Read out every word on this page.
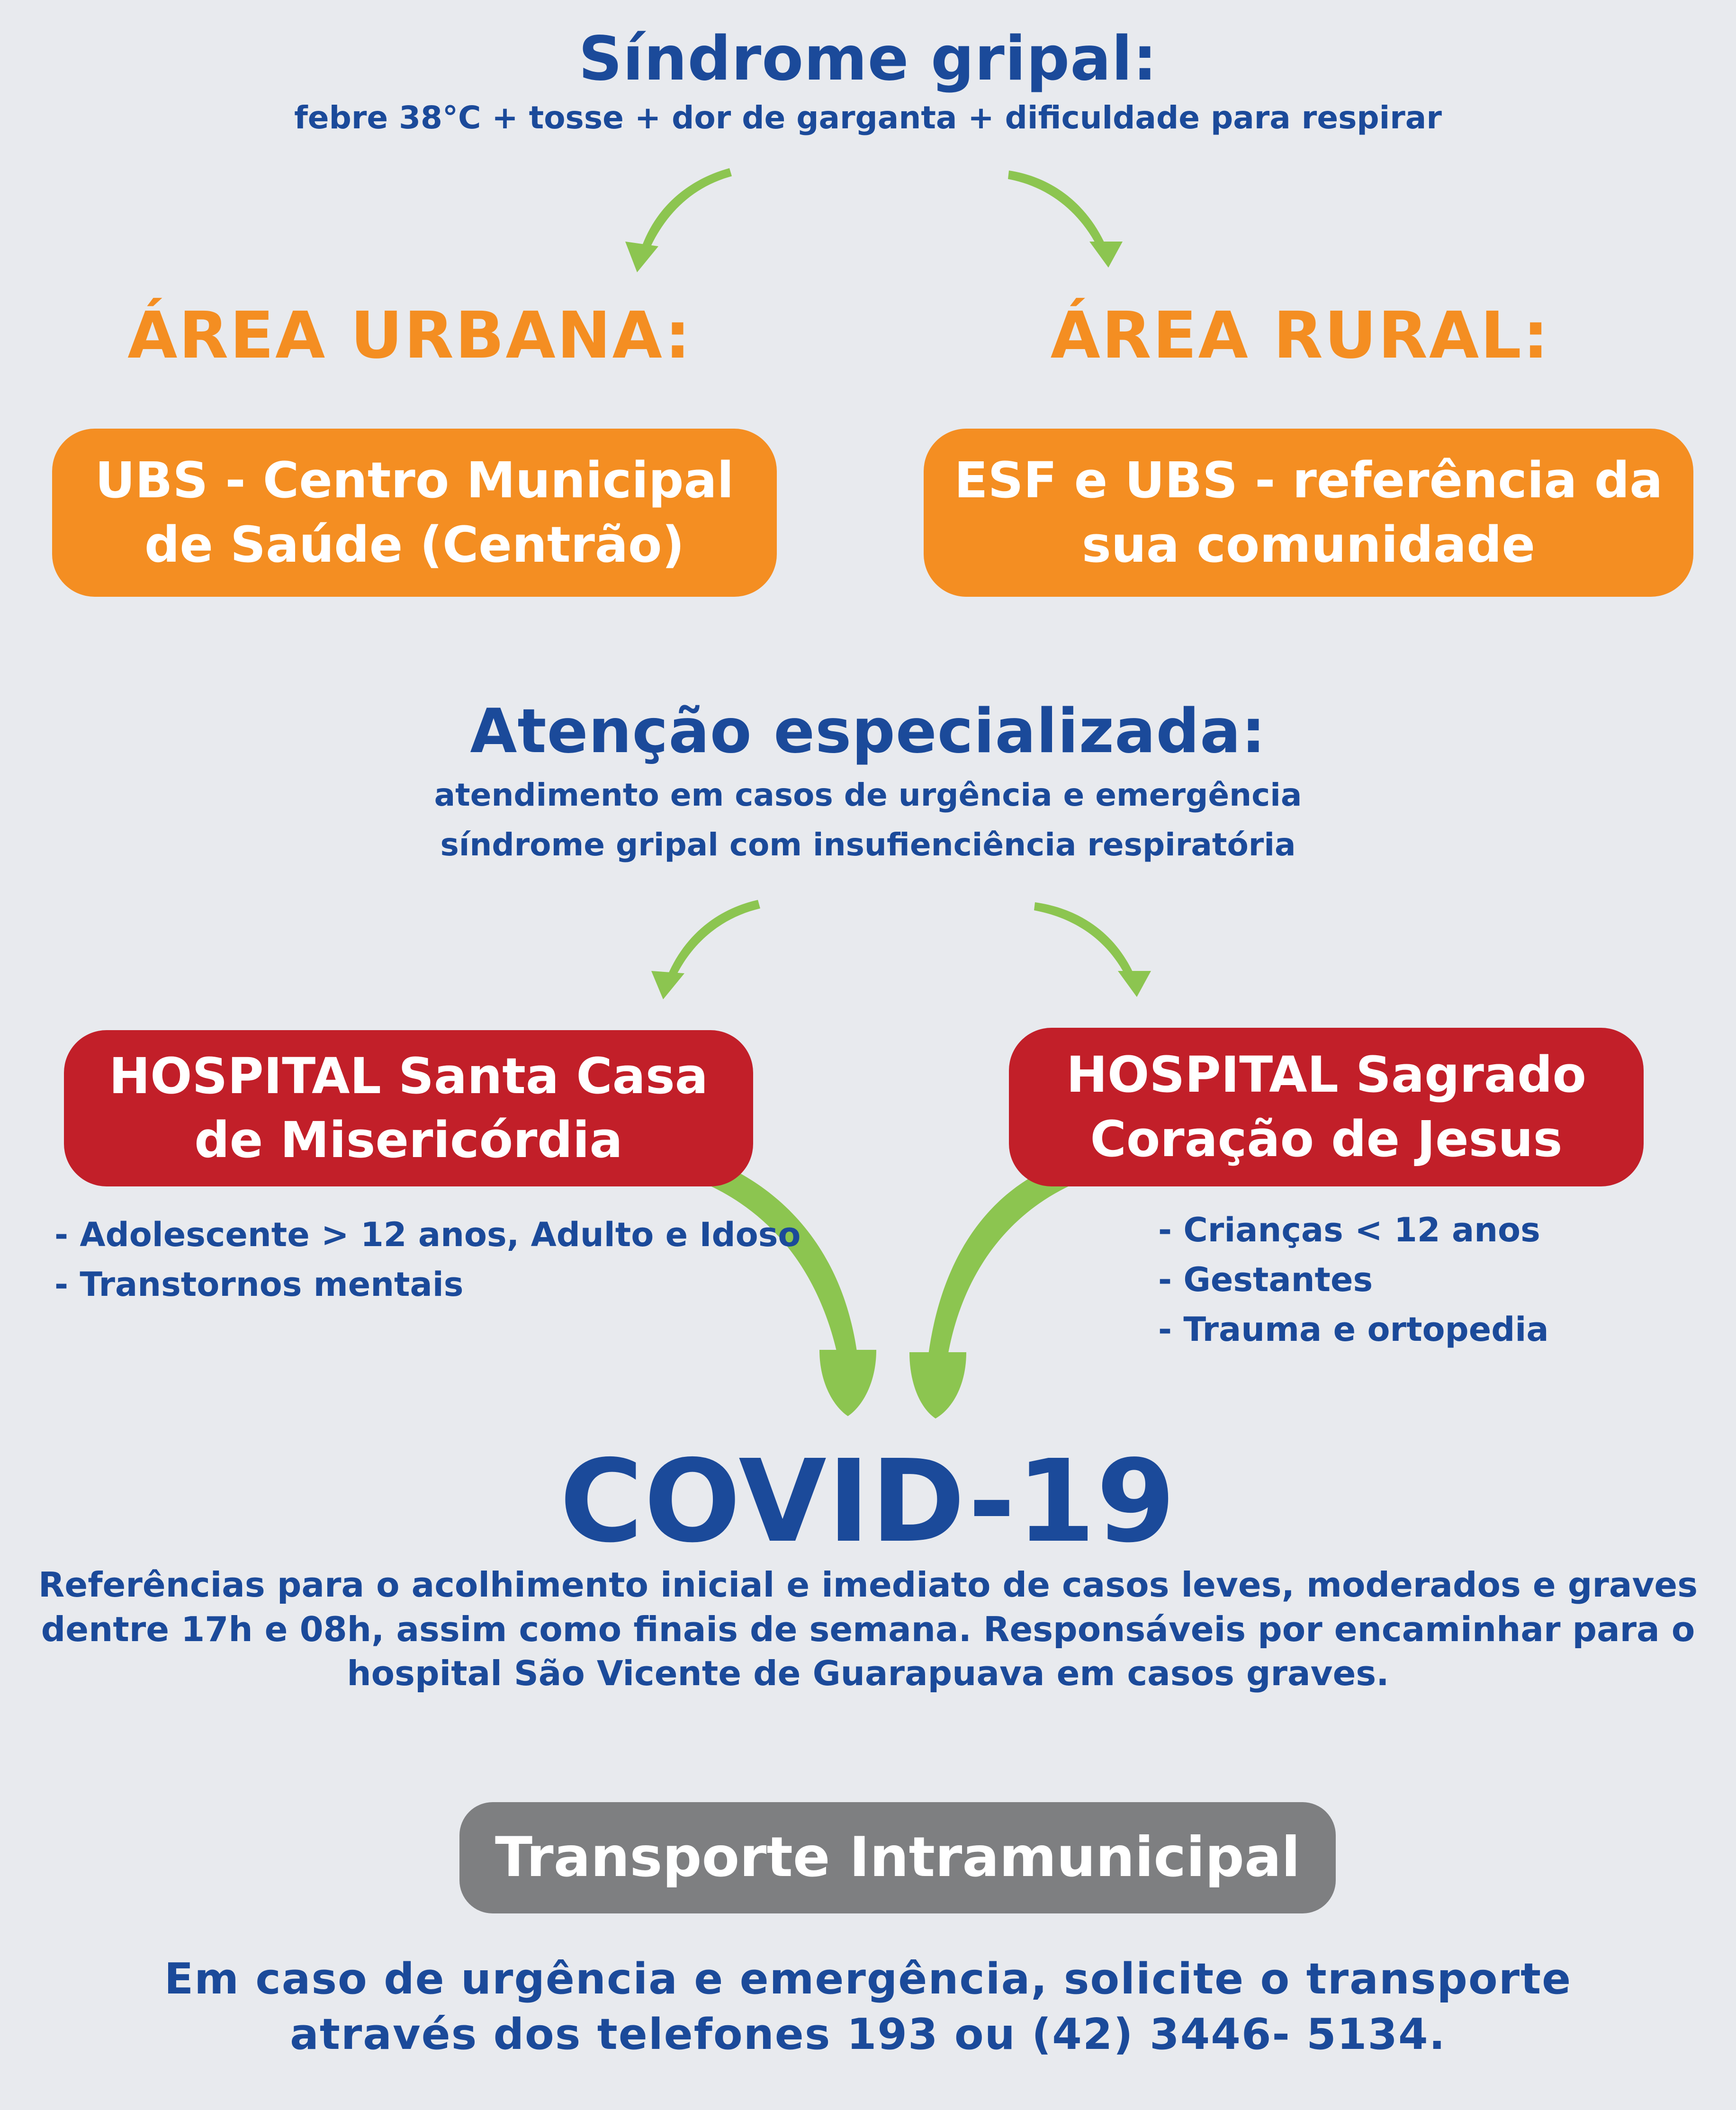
Síndrome gripal:
febre 38°C + tosse + dor de garganta + dificuldade para respirar
ÁREA URBANA:	ÁREA RURAL:
UBS - Centro Municipal
de Saúde (Centrão)
ESF e UBS - referência da
sua comunidade
Atenção especializada:
atendimento em casos de urgência e emergência
síndrome gripal com insufienciência respiratória
HOSPITAL Santa Casa
de Misericórdia
HOSPITAL Sagrado
Coração de Jesus
- Adolescente > 12 anos, Adulto e Idoso
- Transtornos mentais
- Crianças < 12 anos
- Gestantes
- Trauma e ortopedia
COVID-19
Referências para o acolhimento inicial e imediato de casos leves, moderados e graves
dentre 17h e 08h, assim como finais de semana. Responsáveis por encaminhar para o
hospital São Vicente de Guarapuava em casos graves.
Transporte Intramunicipal
Em caso de urgência e emergência, solicite o transporte
através dos telefones 193 ou (42) 3446- 5134.
